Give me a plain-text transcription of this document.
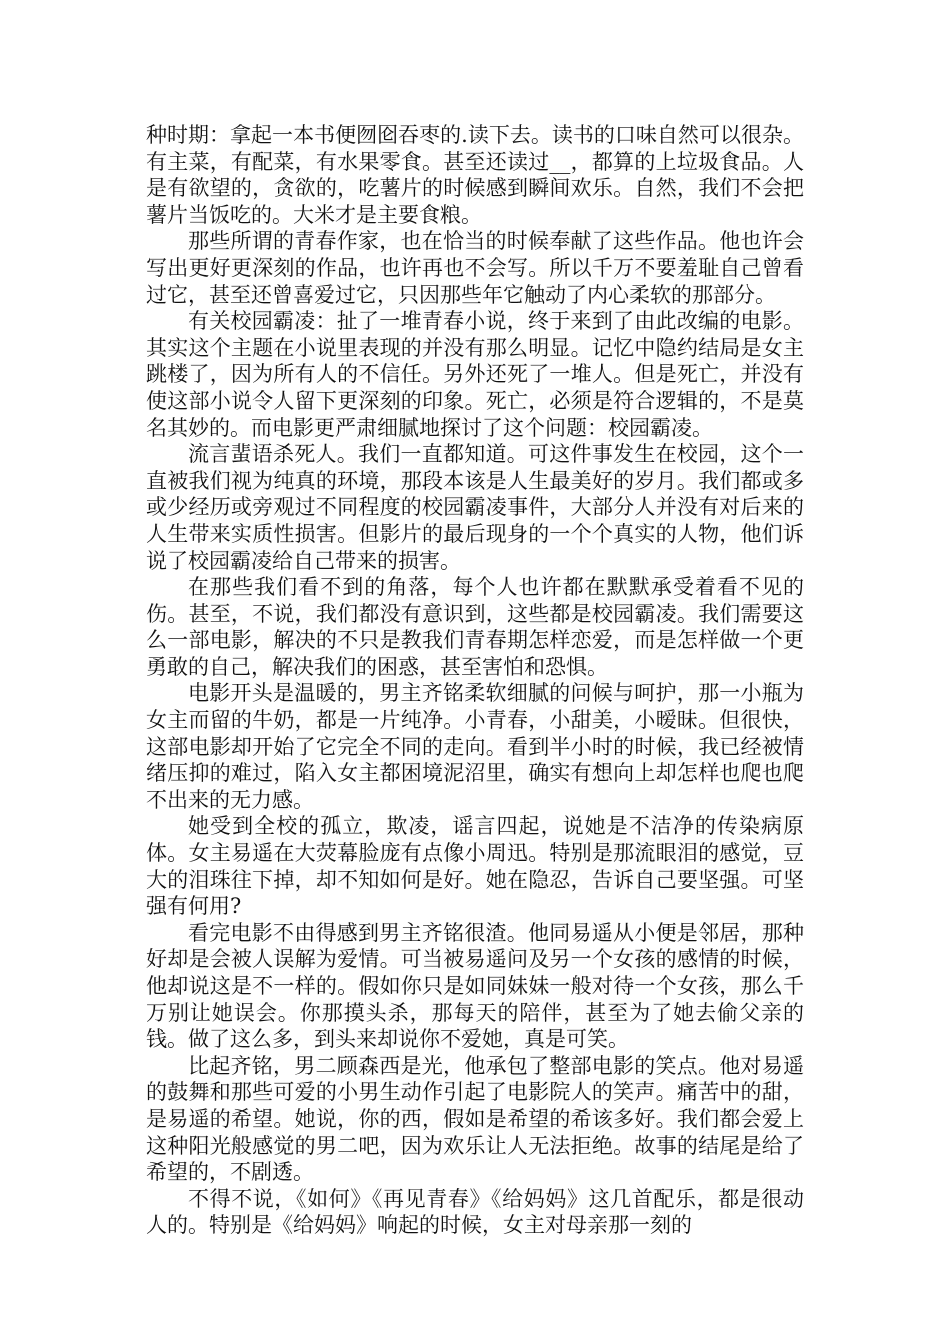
种时期：拿起一本书便囫囵吞枣的.读下去。读书的口味自然可以很杂。有主菜，有配菜，有水果零食。甚至还读过__，都算的上垃圾食品。人是有欲望的，贪欲的，吃薯片的时候感到瞬间欢乐。自然，我们不会把薯片当饭吃的。大米才是主要食粮。

那些所谓的青春作家，也在恰当的时候奉献了这些作品。他也许会写出更好更深刻的作品，也许再也不会写。所以千万不要羞耻自己曾看过它，甚至还曾喜爱过它，只因那些年它触动了内心柔软的那部分。

有关校园霸凌：扯了一堆青春小说，终于来到了由此改编的电影。其实这个主题在小说里表现的并没有那么明显。记忆中隐约结局是女主跳楼了，因为所有人的不信任。另外还死了一堆人。但是死亡，并没有使这部小说令人留下更深刻的印象。死亡，必须是符合逻辑的，不是莫名其妙的。而电影更严肃细腻地探讨了这个问题：校园霸凌。

流言蜚语杀死人。我们一直都知道。可这件事发生在校园，这个一直被我们视为纯真的环境，那段本该是人生最美好的岁月。我们都或多或少经历或旁观过不同程度的校园霸凌事件，大部分人并没有对后来的人生带来实质性损害。但影片的最后现身的一个个真实的人物，他们诉说了校园霸凌给自己带来的损害。

在那些我们看不到的角落，每个人也许都在默默承受着看不见的伤。甚至，不说，我们都没有意识到，这些都是校园霸凌。我们需要这么一部电影，解决的不只是教我们青春期怎样恋爱，而是怎样做一个更勇敢的自己，解决我们的困惑，甚至害怕和恐惧。

电影开头是温暖的，男主齐铭柔软细腻的问候与呵护，那一小瓶为女主而留的牛奶，都是一片纯净。小青春，小甜美，小暧昧。但很快，这部电影却开始了它完全不同的走向。看到半小时的时候，我已经被情绪压抑的难过，陷入女主都困境泥沼里，确实有想向上却怎样也爬也爬不出来的无力感。

她受到全校的孤立，欺凌，谣言四起，说她是不洁净的传染病原体。女主易遥在大荧幕脸庞有点像小周迅。特别是那流眼泪的感觉，豆大的泪珠往下掉，却不知如何是好。她在隐忍，告诉自己要坚强。可坚强有何用?

看完电影不由得感到男主齐铭很渣。他同易遥从小便是邻居，那种好却是会被人误解为爱情。可当被易遥问及另一个女孩的感情的时候，他却说这是不一样的。假如你只是如同妹妹一般对待一个女孩，那么千万别让她误会。你那摸头杀，那每天的陪伴，甚至为了她去偷父亲的钱。做了这么多，到头来却说你不爱她，真是可笑。

比起齐铭，男二顾森西是光，他承包了整部电影的笑点。他对易遥的鼓舞和那些可爱的小男生动作引起了电影院人的笑声。痛苦中的甜，是易遥的希望。她说，你的西，假如是希望的希该多好。我们都会爱上这种阳光般感觉的男二吧，因为欢乐让人无法拒绝。故事的结尾是给了希望的，不剧透。

不得不说，《如何》《再见青春》《给妈妈》这几首配乐，都是很动人的。特别是《给妈妈》响起的时候，女主对母亲那一刻的
